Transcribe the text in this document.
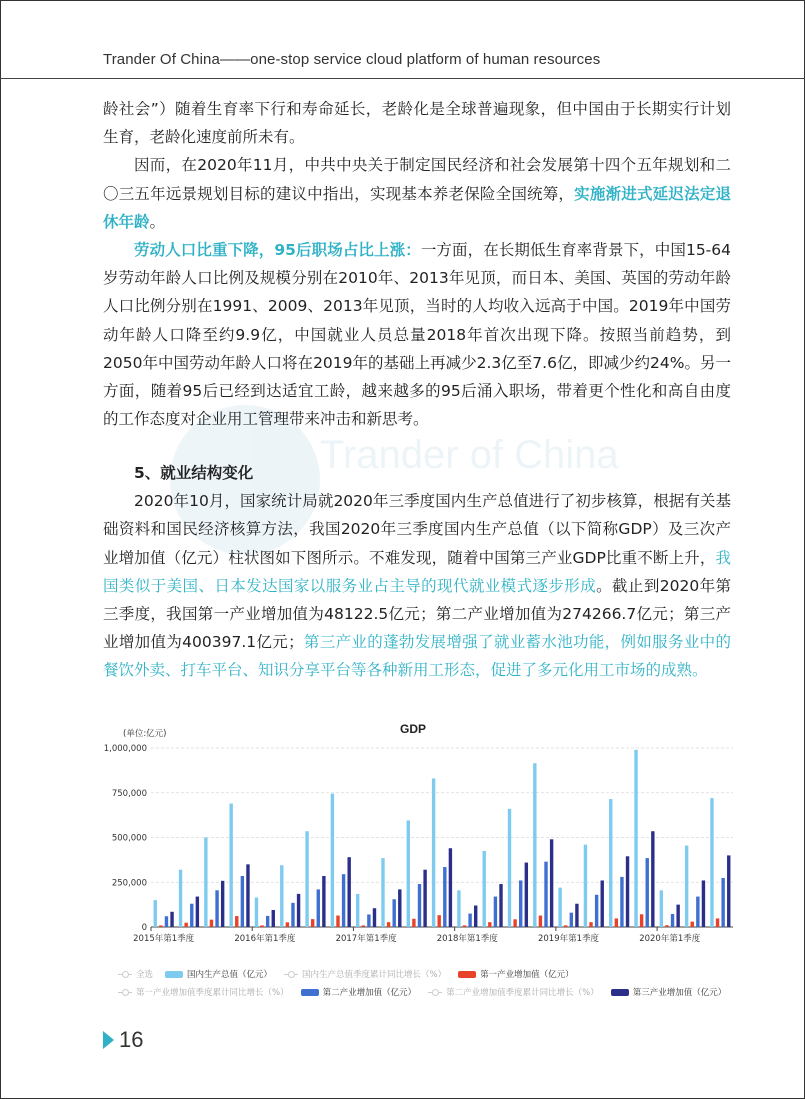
Trander Of China——one-stop service cloud platform of human resources
Trander of China

龄社会”）随着生育率下行和寿命延长，老龄化是全球普遍现象，但中国由于长期实行计划生育，老龄化速度前所未有。

因而，在2020年11月，中共中央关于制定国民经济和社会发展第十四个五年规划和二〇三五年远景规划目标的建议中指出，实现基本养老保险全国统筹，实施渐进式延迟法定退休年龄。

劳动人口比重下降，95后职场占比上涨：一方面，在长期低生育率背景下，中国15-64岁劳动年龄人口比例及规模分别在2010年、2013年见顶，而日本、美国、英国的劳动年龄人口比例分别在1991、2009、2013年见顶，当时的人均收入远高于中国。2019年中国劳动年龄人口降至约9.9亿，中国就业人员总量2018年首次出现下降。按照当前趋势，到2050年中国劳动年龄人口将在2019年的基础上再减少2.3亿至7.6亿，即减少约24%。另一方面，随着95后已经到达适宜工龄，越来越多的95后涌入职场，带着更个性化和高自由度的工作态度对企业用工管理带来冲击和新思考。

5、就业结构变化

2020年10月，国家统计局就2020年三季度国内生产总值进行了初步核算，根据有关基础资料和国民经济核算方法，我国2020年三季度国内生产总值（以下简称GDP）及三次产业增加值（亿元）柱状图如下图所示。不难发现，随着中国第三产业GDP比重不断上升，我国类似于美国、日本发达国家以服务业占主导的现代就业模式逐步形成。截止到2020年第三季度，我国第一产业增加值为48122.5亿元；第二产业增加值为274266.7亿元；第三产业增加值为400397.1亿元；第三产业的蓬勃发展增强了就业蓄水池功能，例如服务业中的餐饮外卖、打车平台、知识分享平台等各种新用工形态，促进了多元化用工市场的成熟。

GDP
(单位:亿元)
0
250,000
500,000
750,000
1,000,000
2015年第1季度	2016年第1季度	2017年第1季度	2018年第1季度	2019年第1季度	2020年第1季度
全选	国内生产总值（亿元）	国内生产总值季度累计同比增长（%）	第一产业增加值（亿元）
第一产业增加值季度累计同比增长（%）	第二产业增加值（亿元）	第二产业增加值季度累计同比增长（%）	第三产业增加值（亿元）
16
